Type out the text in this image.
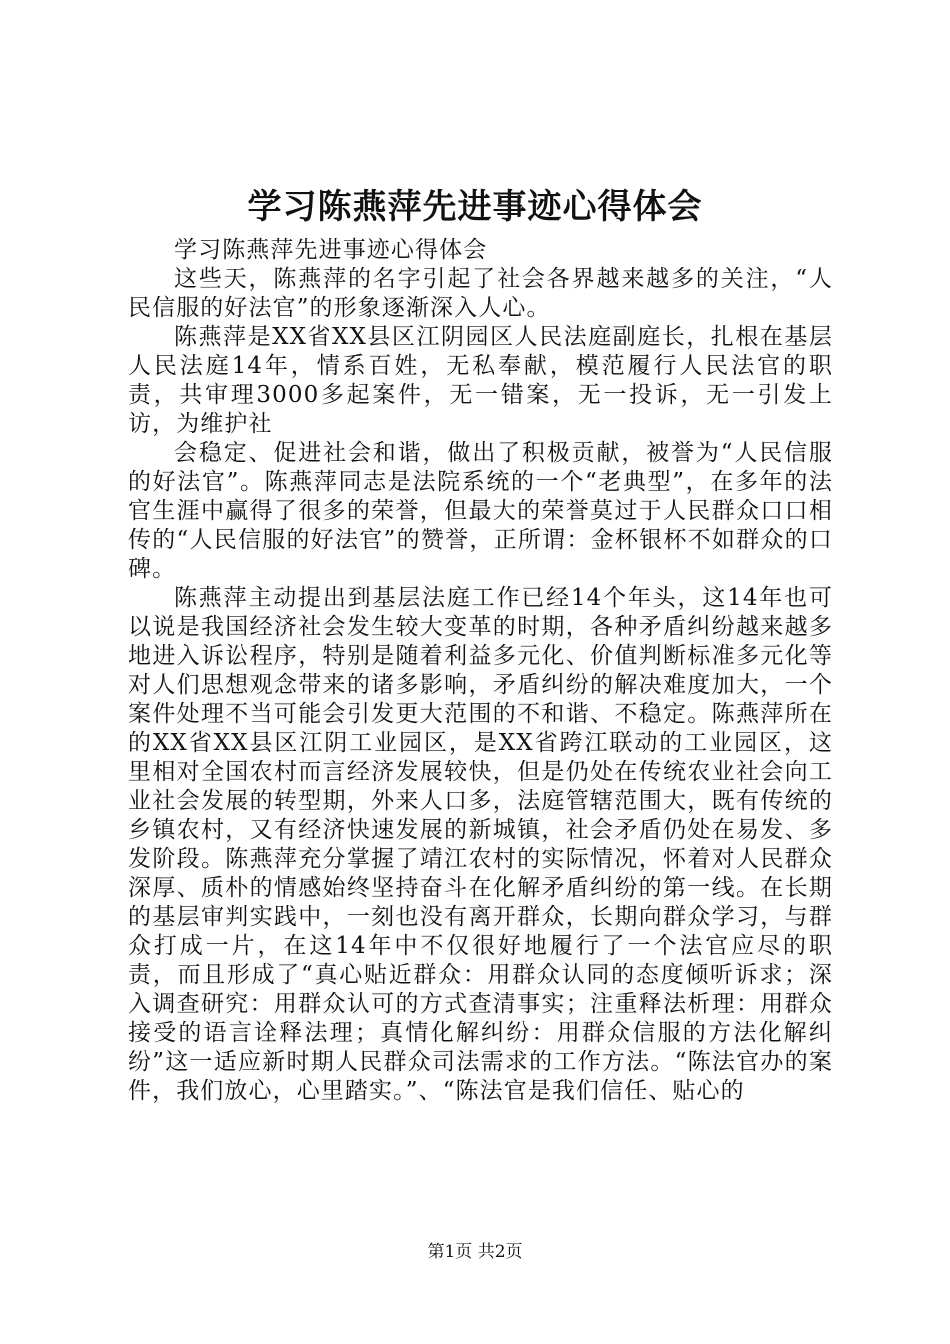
学习陈燕萍先进事迹心得体会

学习陈燕萍先进事迹心得体会

这些天，陈燕萍的名字引起了社会各界越来越多的关注，“人民信服的好法官”的形象逐渐深入人心。

陈燕萍是XX省XX县区江阴园区人民法庭副庭长，扎根在基层人民法庭14年，情系百姓，无私奉献，模范履行人民法官的职责，共审理3000多起案件，无一错案，无一投诉，无一引发上访，为维护社

会稳定、促进社会和谐，做出了积极贡献，被誉为“人民信服的好法官”。陈燕萍同志是法院系统的一个“老典型”，在多年的法官生涯中赢得了很多的荣誉，但最大的荣誉莫过于人民群众口口相传的“人民信服的好法官”的赞誉，正所谓：金杯银杯不如群众的口碑。

陈燕萍主动提出到基层法庭工作已经14个年头，这14年也可以说是我国经济社会发生较大变革的时期，各种矛盾纠纷越来越多地进入诉讼程序，特别是随着利益多元化、价值判断标准多元化等对人们思想观念带来的诸多影响，矛盾纠纷的解决难度加大，一个案件处理不当可能会引发更大范围的不和谐、不稳定。陈燕萍所在的XX省XX县区江阴工业园区，是XX省跨江联动的工业园区，这里相对全国农村而言经济发展较快，但是仍处在传统农业社会向工业社会发展的转型期，外来人口多，法庭管辖范围大，既有传统的乡镇农村，又有经济快速发展的新城镇，社会矛盾仍处在易发、多发阶段。陈燕萍充分掌握了靖江农村的实际情况，怀着对人民群众深厚、质朴的情感始终坚持奋斗在化解矛盾纠纷的第一线。在长期的基层审判实践中，一刻也没有离开群众，长期向群众学习，与群众打成一片，在这14年中不仅很好地履行了一个法官应尽的职责，而且形成了“真心贴近群众：用群众认同的态度倾听诉求；深入调查研究：用群众认可的方式查清事实；注重释法析理：用群众接受的语言诠释法理；真情化解纠纷：用群众信服的方法化解纠纷”这一适应新时期人民群众司法需求的工作方法。“陈法官办的案件，我们放心，心里踏实。”、“陈法官是我们信任、贴心的

第1页 共2页
